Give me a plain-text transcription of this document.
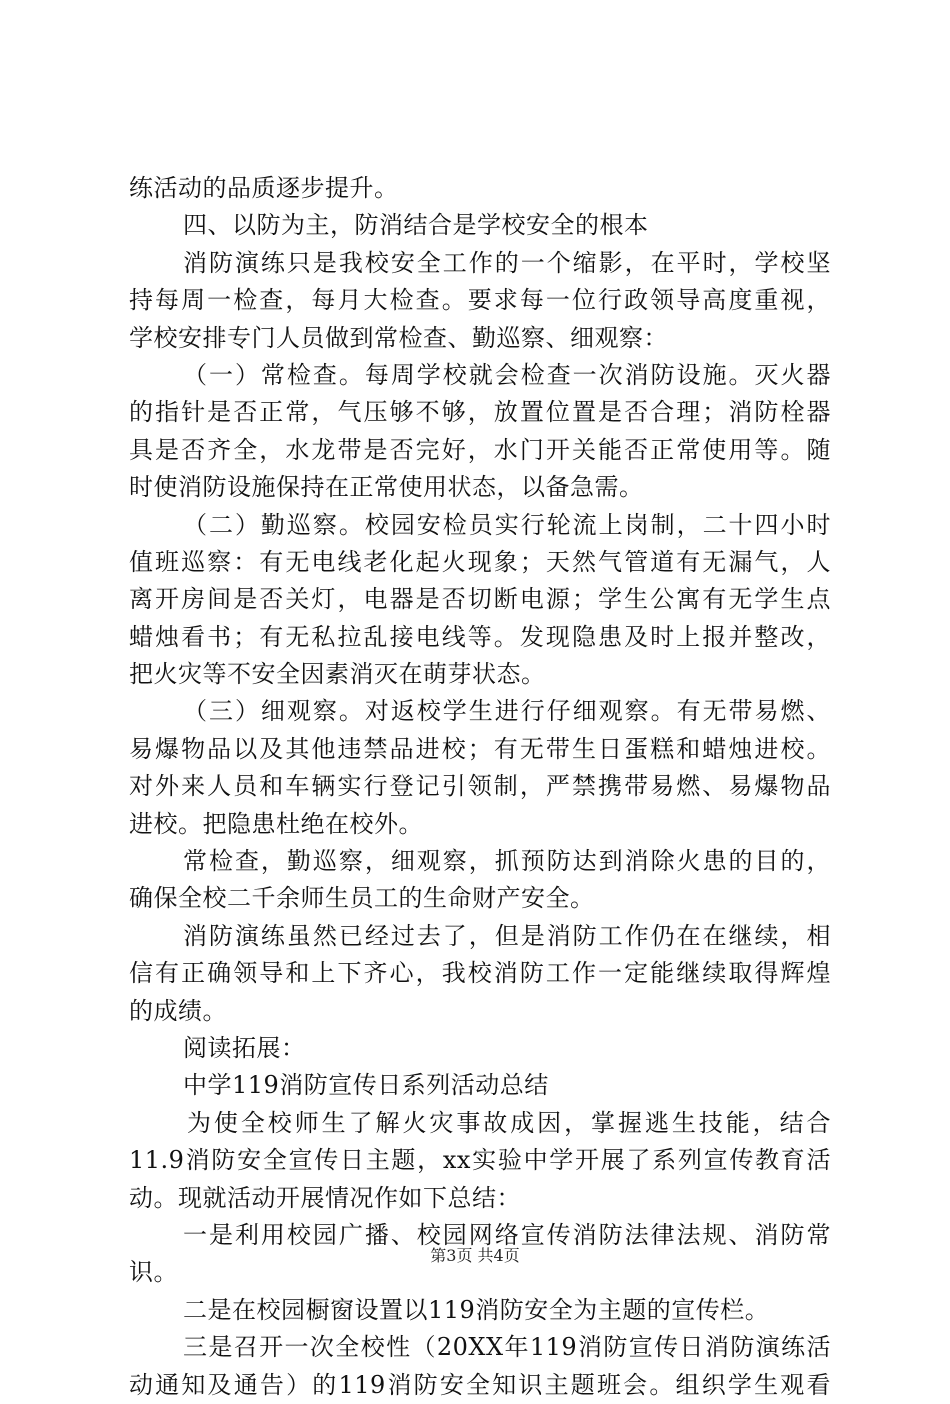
练活动的品质逐步提升。
四、以防为主，防消结合是学校安全的根本
消防演练只是我校安全工作的一个缩影，在平时，学校坚
持每周一检查，每月大检查。要求每一位行政领导高度重视，
学校安排专门人员做到常检查、勤巡察、细观察：
（一）常检查。每周学校就会检查一次消防设施。灭火器
的指针是否正常，气压够不够，放置位置是否合理；消防栓器
具是否齐全，水龙带是否完好，水门开关能否正常使用等。随
时使消防设施保持在正常使用状态，以备急需。
（二）勤巡察。校园安检员实行轮流上岗制，二十四小时
值班巡察：有无电线老化起火现象；天然气管道有无漏气，人
离开房间是否关灯，电器是否切断电源；学生公寓有无学生点
蜡烛看书；有无私拉乱接电线等。发现隐患及时上报并整改，
把火灾等不安全因素消灭在萌芽状态。
（三）细观察。对返校学生进行仔细观察。有无带易燃、
易爆物品以及其他违禁品进校；有无带生日蛋糕和蜡烛进校。
对外来人员和车辆实行登记引领制，严禁携带易燃、易爆物品
进校。把隐患杜绝在校外。
常检查，勤巡察，细观察，抓预防达到消除火患的目的，
确保全校二千余师生员工的生命财产安全。
消防演练虽然已经过去了，但是消防工作仍在在继续，相
信有正确领导和上下齐心，我校消防工作一定能继续取得辉煌
的成绩。
阅读拓展：
中学119消防宣传日系列活动总结
为使全校师生了解火灾事故成因，掌握逃生技能，结合
11.9消防安全宣传日主题，xx实验中学开展了系列宣传教育活
动。现就活动开展情况作如下总结：
一是利用校园广播、校园网络宣传消防法律法规、消防常
识。
二是在校园橱窗设置以119消防安全为主题的宣传栏。
三是召开一次全校性（20XX年119消防宣传日消防演练活
动通知及通告）的119消防安全知识主题班会。组织学生观看
第3页 共4页
